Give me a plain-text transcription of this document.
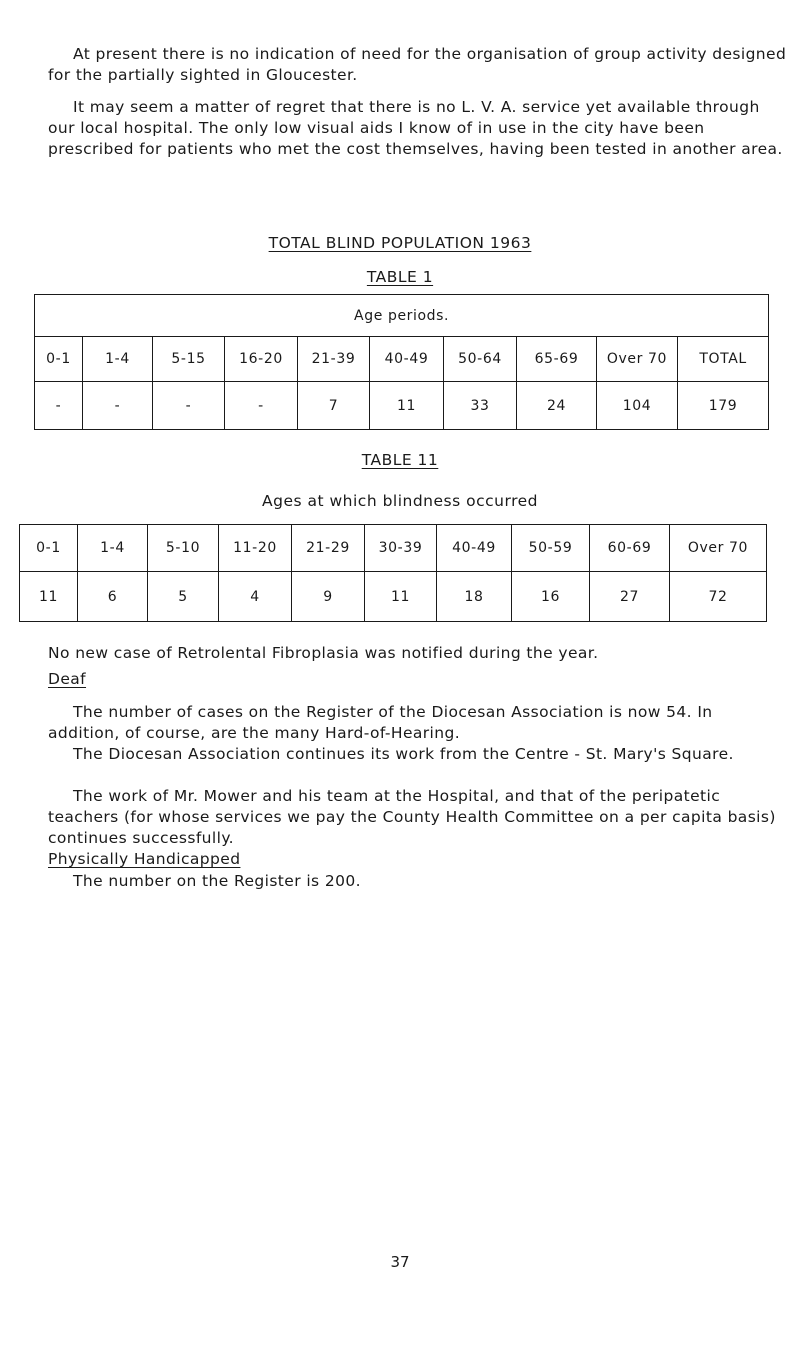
At present there is no indication of need for the organisation of group activity designed for the partially sighted in Gloucester.

It may seem a matter of regret that there is no L. V. A. service yet available through our local hospital. The only low visual aids I know of in use in the city have been prescribed for patients who met the cost themselves, having been tested in another area.

TOTAL BLIND POPULATION 1963
TABLE 1
Age periods.									
0-1	1-4	5-15	16-20	21-39	40-49	50-64	65-69	Over 70	TOTAL
-	-	-	-	7	11	33	24	104	179
TABLE 11
Ages at which blindness occurred
0-1	1-4	5-10	11-20	21-29	30-39	40-49	50-59	60-69	Over 70
11	6	5	4	9	11	18	16	27	72

No new case of Retrolental Fibroplasia was notified during the year.

Deaf

The number of cases on the Register of the Diocesan Association is now 54. In addition, of course, are the many Hard-of-Hearing.

The Diocesan Association continues its work from the Centre - St. Mary's Square.

The work of Mr. Mower and his team at the Hospital, and that of the peripatetic teachers (for whose services we pay the County Health Committee on a per capita basis) continues successfully.

Physically Handicapped

The number on the Register is 200.

37
